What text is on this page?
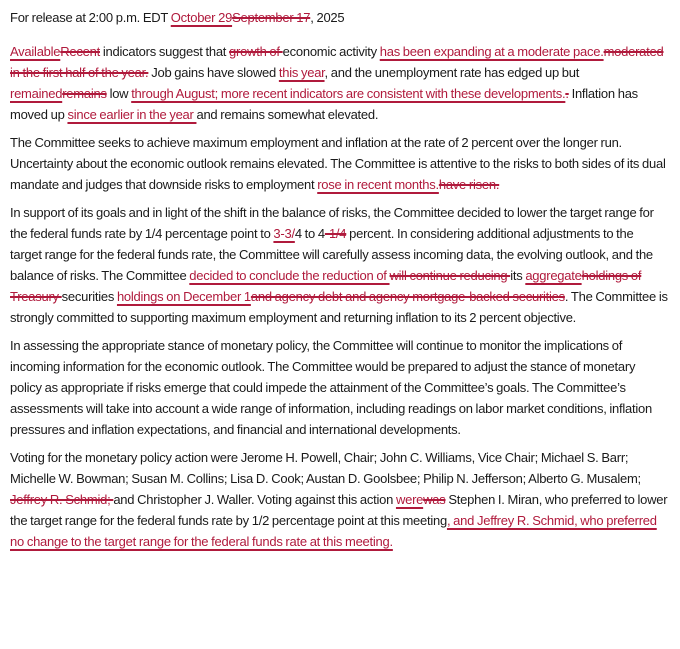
For release at 2:00 p.m. EDT October 29September 17, 2025

AvailableRecent indicators suggest that growth of economic activity has been expanding at a moderate pace.moderated in the first half of the year. Job gains have slowed this year, and the unemployment rate has edged up but remainedremains low through August; more recent indicators are consistent with these developments.. Inflation has moved up since earlier in the year and remains somewhat elevated.

The Committee seeks to achieve maximum employment and inflation at the rate of 2 percent over the longer run. Uncertainty about the economic outlook remains elevated. The Committee is attentive to the risks to both sides of its dual mandate and judges that downside risks to employment rose in recent months.have risen.

In support of its goals and in light of the shift in the balance of risks, the Committee decided to lower the target range for the federal funds rate by 1/4 percentage point to 3-3/4 to 4-1/4 percent. In considering additional adjustments to the target range for the federal funds rate, the Committee will carefully assess incoming data, the evolving outlook, and the balance of risks. The Committee decided to conclude the reduction of will continue reducing its aggregateholdings of Treasury securities holdings on December 1and agency debt and agency mortgage-backed securities. The Committee is strongly committed to supporting maximum employment and returning inflation to its 2 percent objective.

In assessing the appropriate stance of monetary policy, the Committee will continue to monitor the implications of incoming information for the economic outlook. The Committee would be prepared to adjust the stance of monetary policy as appropriate if risks emerge that could impede the attainment of the Committee’s goals. The Committee’s assessments will take into account a wide range of information, including readings on labor market conditions, inflation pressures and inflation expectations, and financial and international developments.

Voting for the monetary policy action were Jerome H. Powell, Chair; John C. Williams, Vice Chair; Michael S. Barr; Michelle W. Bowman; Susan M. Collins; Lisa D. Cook; Austan D. Goolsbee; Philip N. Jefferson; Alberto G. Musalem; Jeffrey R. Schmid; and Christopher J. Waller. Voting against this action werewas Stephen I. Miran, who preferred to lower the target range for the federal funds rate by 1/2 percentage point at this meeting, and Jeffrey R. Schmid, who preferred no change to the target range for the federal funds rate at this meeting.
